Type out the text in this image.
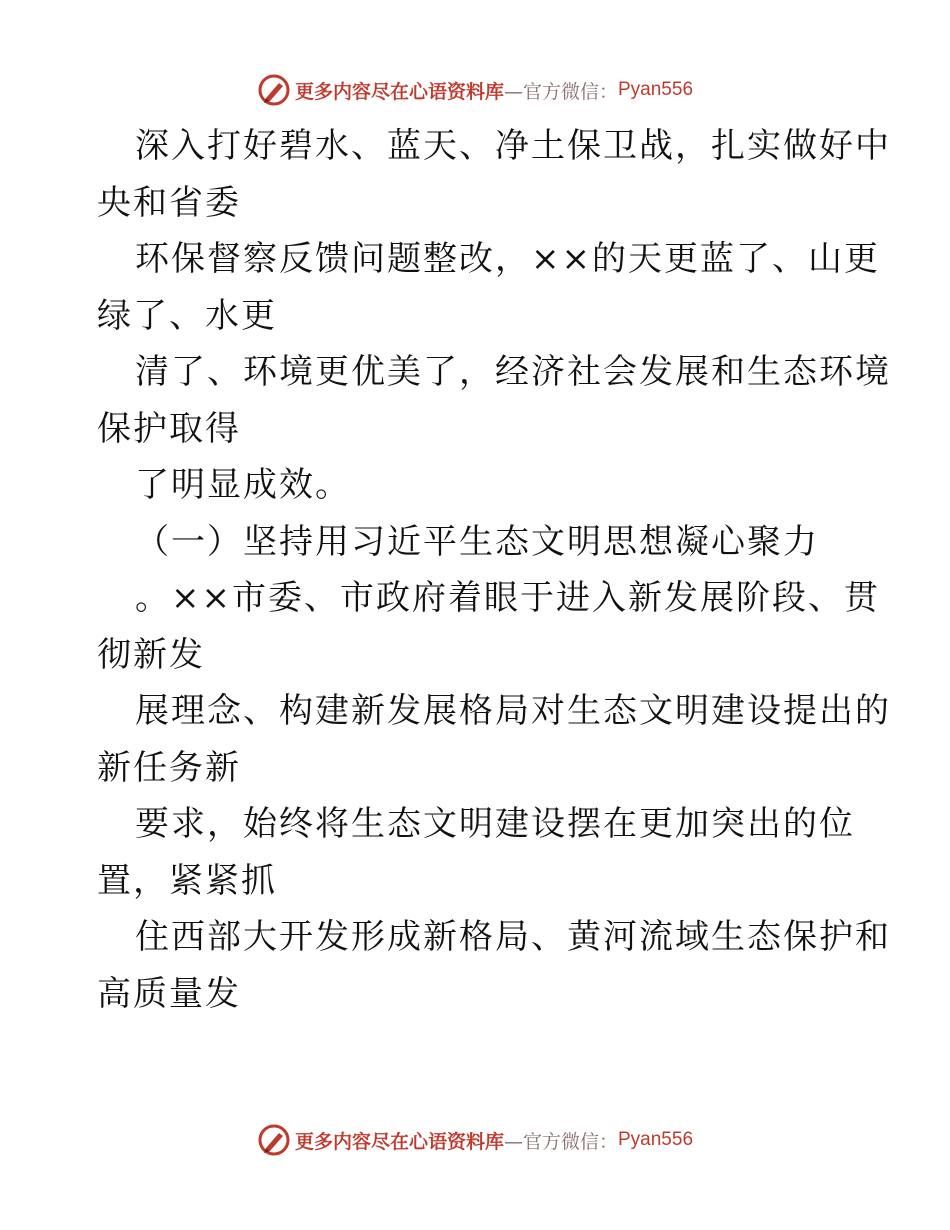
更多内容尽在心语资料库 —官方微信： Pyan556
深入打好碧水、蓝天、净土保卫战，扎实做好中
央和省委
环保督察反馈问题整改，××的天更蓝了、山更
绿了、水更
清了、环境更优美了，经济社会发展和生态环境
保护取得
了明显成效。
（一）坚持用习近平生态文明思想凝心聚力
。××市委、市政府着眼于进入新发展阶段、贯
彻新发
展理念、构建新发展格局对生态文明建设提出的
新任务新
要求，始终将生态文明建设摆在更加突出的位
置，紧紧抓
住西部大开发形成新格局、黄河流域生态保护和
高质量发
更多内容尽在心语资料库 —官方微信： Pyan556
